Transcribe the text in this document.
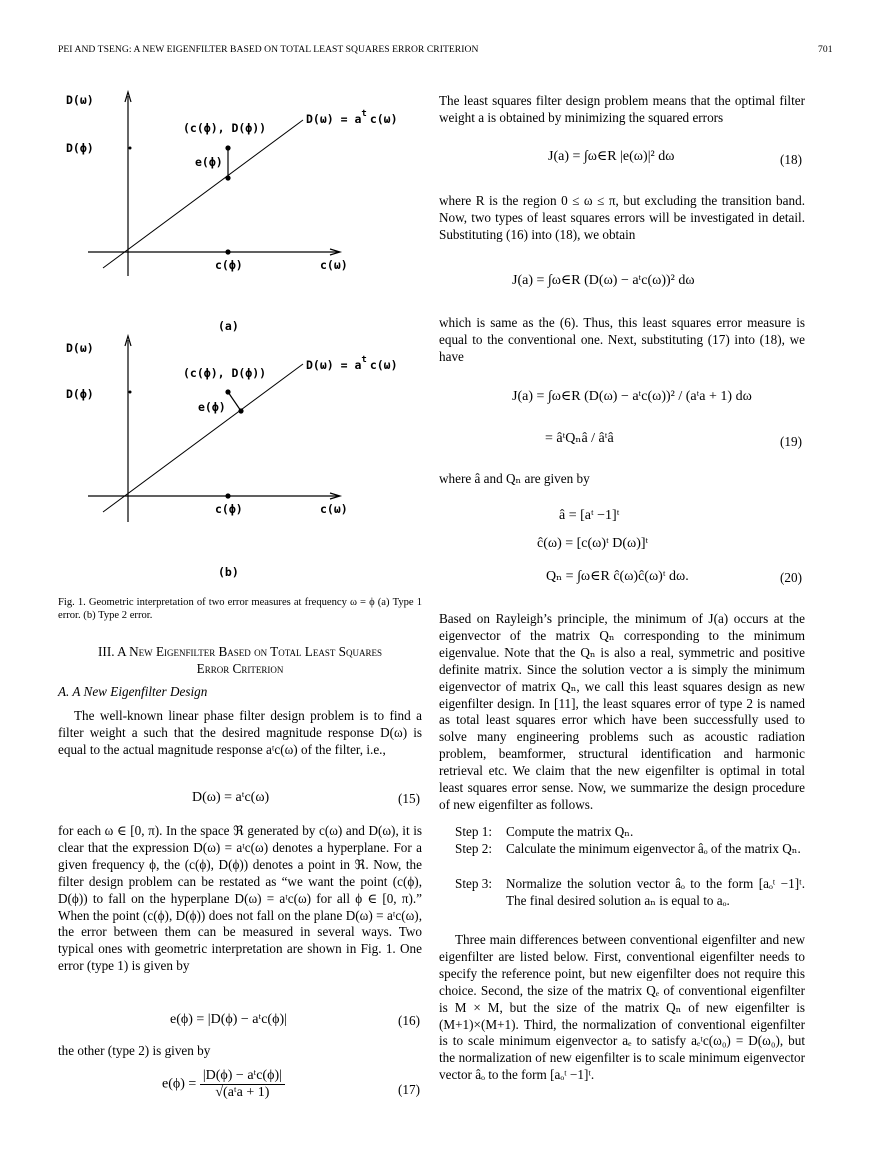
PEI AND TSENG: A NEW EIGENFILTER BASED ON TOTAL LEAST SQUARES ERROR CRITERION	701
D(ω)
D(ϕ)
(c(ϕ), D(ϕ))
$D(\omega) = a^t$ c(ω)
e(ϕ)
c(ϕ)	c(ω)
(a)
D(ω)
D(ϕ)
(c(ϕ), D(ϕ))
$D(\omega) = a^t$ c(ω)
e(ϕ)
c(ϕ)	c(ω)
(b)
Fig. 1. Geometric interpretation of two error measures at frequency ω = ϕ (a) Type 1 error. (b) Type 2 error.
III. A New Eigenfilter Based on Total Least Squares
Error Criterion
A. A New Eigenfilter Design

The well-known linear phase filter design problem is to find a filter weight a such that the desired magnitude response D(ω) is equal to the actual magnitude response aᵗc(ω) of the filter, i.e.,

D(ω) = aᵗc(ω)	(15)

for each ω ∈ [0, π). In the space ℜ generated by c(ω) and D(ω), it is clear that the expression D(ω) = aᵗc(ω) denotes a hyperplane. For a given frequency ϕ, the (c(ϕ), D(ϕ)) denotes a point in ℜ. Now, the filter design problem can be restated as “we want the point (c(ϕ), D(ϕ)) to fall on the hyperplane D(ω) = aᵗc(ω) for all ϕ ∈ [0, π).” When the point (c(ϕ), D(ϕ)) does not fall on the plane D(ω) = aᵗc(ω), the error between them can be measured in several ways. Two typical ones with geometric interpretation are shown in Fig. 1. One error (type 1) is given by

e(ϕ) = |D(ϕ) − aᵗc(ϕ)|	(16)

the other (type 2) is given by

$e(\phi) = \frac{\text{|D(ϕ) − aᵗc(ϕ)|}}{\text{√(aᵗa + 1)}}$	(17)

The least squares filter design problem means that the optimal filter weight a is obtained by minimizing the squared errors

J(a) = ∫ω∈R |e(ω)|² dω	(18)

where R is the region 0 ≤ ω ≤ π, but excluding the transition band. Now, two types of least squares errors will be investigated in detail. Substituting (16) into (18), we obtain

J(a) = ∫ω∈R (D(ω) − aᵗc(ω))² dω

which is same as the (6). Thus, this least squares error measure is equal to the conventional one. Next, substituting (17) into (18), we have

J(a) = ∫ω∈R (D(ω) − aᵗc(ω))² / (aᵗa + 1) dω
= âᵗQₙâ / âᵗâ	(19)

where â and Qₙ are given by

â = [aᵗ −1]ᵗ
ĉ(ω) = [c(ω)ᵗ D(ω)]ᵗ
Qₙ = ∫ω∈R ĉ(ω)ĉ(ω)ᵗ dω.	(20)

Based on Rayleigh’s principle, the minimum of J(a) occurs at the eigenvector of the matrix Qₙ corresponding to the minimum eigenvalue. Note that the Qₙ is also a real, symmetric and positive definite matrix. Since the solution vector a is simply the minimum eigenvector of matrix Qₙ, we call this least squares design as new eigenfilter design. In [11], the least squares error of type 2 is named as total least squares error which have been successfully used to solve many engineering problems such as acoustic radiation problem, beamformer, structural identification and harmonic retrieval etc. We claim that the new eigenfilter is optimal in total least squares error sense. Now, we summarize the design procedure of new eigenfilter as follows.

Step 1: Compute the matrix Qₙ.
Step 2: Calculate the minimum eigenvector âₒ of the matrix Qₙ.
Step 3: Normalize the solution vector âₒ to the form [aₒᵗ −1]ᵗ. The final desired solution aₙ is equal to aₒ.

Three main differences between conventional eigenfilter and new eigenfilter are listed below. First, conventional eigenfilter needs to specify the reference point, but new eigenfilter does not require this choice. Second, the size of the matrix Qₑ of conventional eigenfilter is M × M, but the size of the matrix Qₙ of new eigenfilter is (M+1)×(M+1). Third, the normalization of conventional eigenfilter is to scale minimum eigenvector aₑ to satisfy aₑᵗc(ω₀) = D(ω₀), but the normalization of new eigenfilter is to scale minimum eigenvector vector âₒ to the form [aₒᵗ −1]ᵗ.
